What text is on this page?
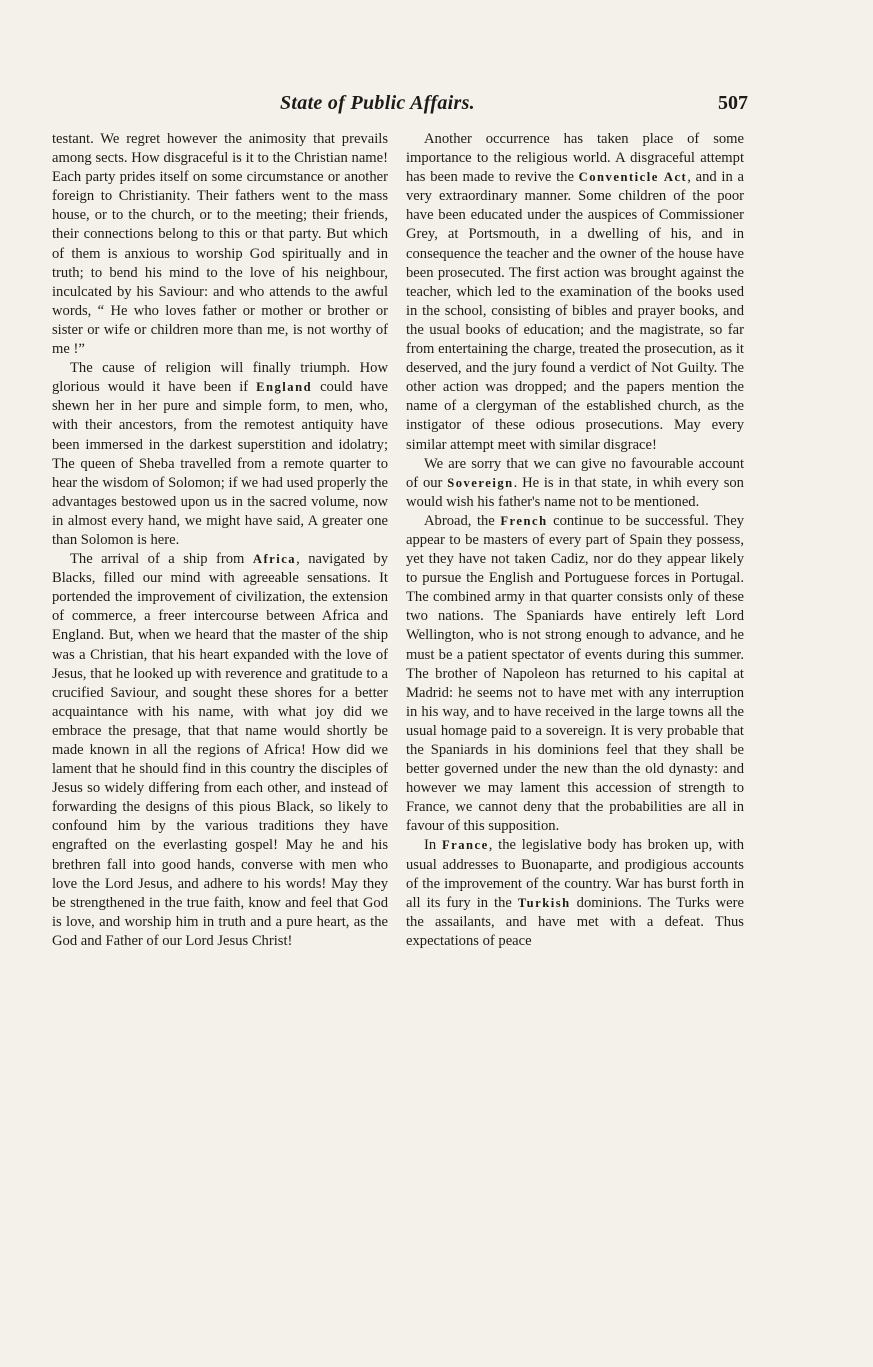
State of Public Affairs.	507

testant. We regret however the animosity that prevails among sects. How disgraceful is it to the Christian name! Each party prides itself on some circumstance or another foreign to Christianity. Their fathers went to the mass house, or to the church, or to the meeting; their friends, their connections belong to this or that party. But which of them is anxious to worship God spiritually and in truth; to bend his mind to the love of his neighbour, inculcated by his Saviour: and who attends to the awful words, “ He who loves father or mother or brother or sister or wife or children more than me, is not worthy of me !”

The cause of religion will finally triumph. How glorious would it have been if England could have shewn her in her pure and simple form, to men, who, with their ancestors, from the remotest antiquity have been immersed in the darkest superstition and idolatry; The queen of Sheba travelled from a remote quarter to hear the wisdom of Solomon; if we had used properly the advantages bestowed upon us in the sacred volume, now in almost every hand, we might have said, A greater one than Solomon is here.

The arrival of a ship from Africa, navigated by Blacks, filled our mind with agreeable sensations. It portended the improvement of civilization, the extension of commerce, a freer intercourse between Africa and England. But, when we heard that the master of the ship was a Christian, that his heart expanded with the love of Jesus, that he looked up with reverence and gratitude to a crucified Saviour, and sought these shores for a better acquaintance with his name, with what joy did we embrace the presage, that that name would shortly be made known in all the regions of Africa! How did we lament that he should find in this country the disciples of Jesus so widely differing from each other, and instead of forwarding the designs of this pious Black, so likely to confound him by the various traditions they have engrafted on the everlasting gospel! May he and his brethren fall into good hands, converse with men who love the Lord Jesus, and adhere to his words! May they be strengthened in the true faith, know and feel that God is love, and worship him in truth and a pure heart, as the God and Father of our Lord Jesus Christ!

Another occurrence has taken place of some importance to the religious world. A disgraceful attempt has been made to revive the Conventicle Act, and in a very extraordinary manner. Some children of the poor have been educated under the auspices of Commissioner Grey, at Portsmouth, in a dwelling of his, and in consequence the teacher and the owner of the house have been prosecuted. The first action was brought against the teacher, which led to the examination of the books used in the school, consisting of bibles and prayer books, and the usual books of education; and the magistrate, so far from entertaining the charge, treated the prosecution, as it deserved, and the jury found a verdict of Not Guilty. The other action was dropped; and the papers mention the name of a clergyman of the established church, as the instigator of these odious prosecutions. May every similar attempt meet with similar disgrace!

We are sorry that we can give no favourable account of our Sovereign. He is in that state, in whih every son would wish his father's name not to be mentioned.

Abroad, the French continue to be successful. They appear to be masters of every part of Spain they possess, yet they have not taken Cadiz, nor do they appear likely to pursue the English and Portuguese forces in Portugal. The combined army in that quarter consists only of these two nations. The Spaniards have entirely left Lord Wellington, who is not strong enough to advance, and he must be a patient spectator of events during this summer. The brother of Napoleon has returned to his capital at Madrid: he seems not to have met with any interruption in his way, and to have received in the large towns all the usual homage paid to a sovereign. It is very probable that the Spaniards in his dominions feel that they shall be better governed under the new than the old dynasty: and however we may lament this accession of strength to France, we cannot deny that the probabilities are all in favour of this supposition.

In France, the legislative body has broken up, with usual addresses to Buonaparte, and prodigious accounts of the improvement of the country. War has burst forth in all its fury in the Turkish dominions. The Turks were the assailants, and have met with a defeat. Thus expectations of peace
